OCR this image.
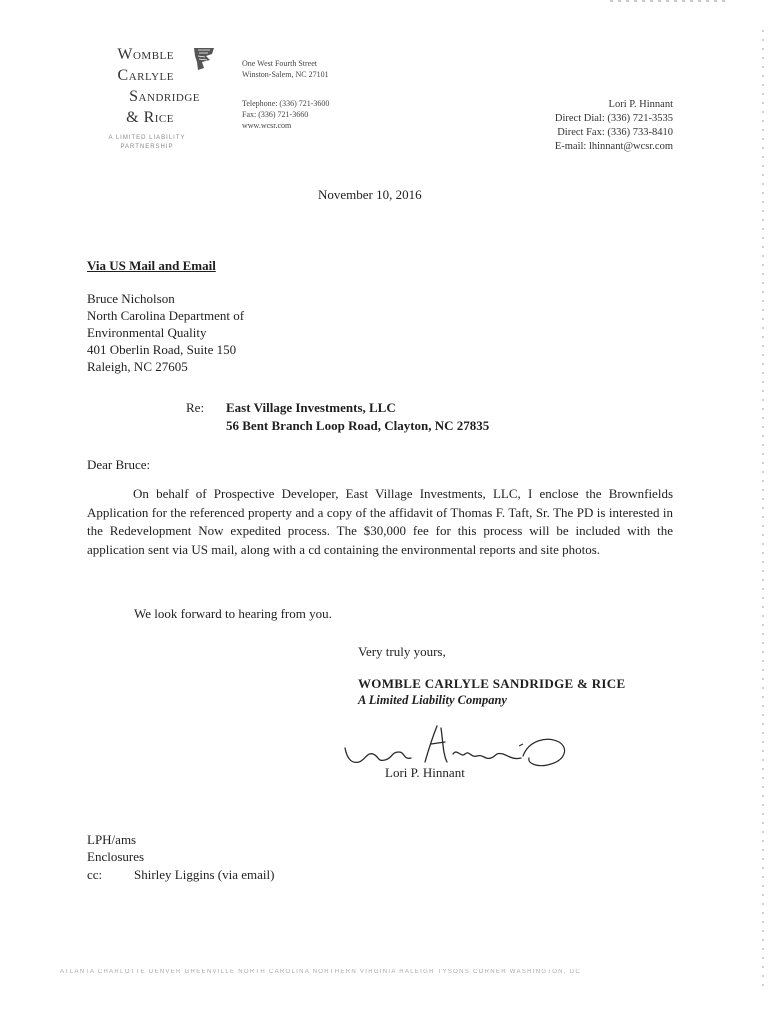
Womble
Carlyle
Sandridge
& Rice
A LIMITED LIABILITY
PARTNERSHIP
One West Fourth Street
Winston-Salem, NC 27101
Telephone: (336) 721-3600
Fax: (336) 721-3660
www.wcsr.com
Lori P. Hinnant
Direct Dial: (336) 721-3535
Direct Fax: (336) 733-8410
E-mail: lhinnant@wcsr.com
November 10, 2016
Via US Mail and Email
Bruce Nicholson
North Carolina Department of
Environmental Quality
401 Oberlin Road, Suite 150
Raleigh, NC 27605
Re: East Village Investments, LLC
56 Bent Branch Loop Road, Clayton, NC 27835
Dear Bruce:
On behalf of Prospective Developer, East Village Investments, LLC, I enclose the Brownfields Application for the referenced property and a copy of the affidavit of Thomas F. Taft, Sr. The PD is interested in the Redevelopment Now expedited process. The $30,000 fee for this process will be included with the application sent via US mail, along with a cd containing the environmental reports and site photos.
We look forward to hearing from you.
Very truly yours,
WOMBLE CARLYLE SANDRIDGE & RICE
A Limited Liability Company
Lori P. Hinnant
LPH/ams
Enclosures
cc: Shirley Liggins (via email)
ATLANTA CHARLOTTE DENVER GREENVILLE NORTH CAROLINA NORTHERN VIRGINIA RALEIGH TYSONS CORNER WASHINGTON, DC
